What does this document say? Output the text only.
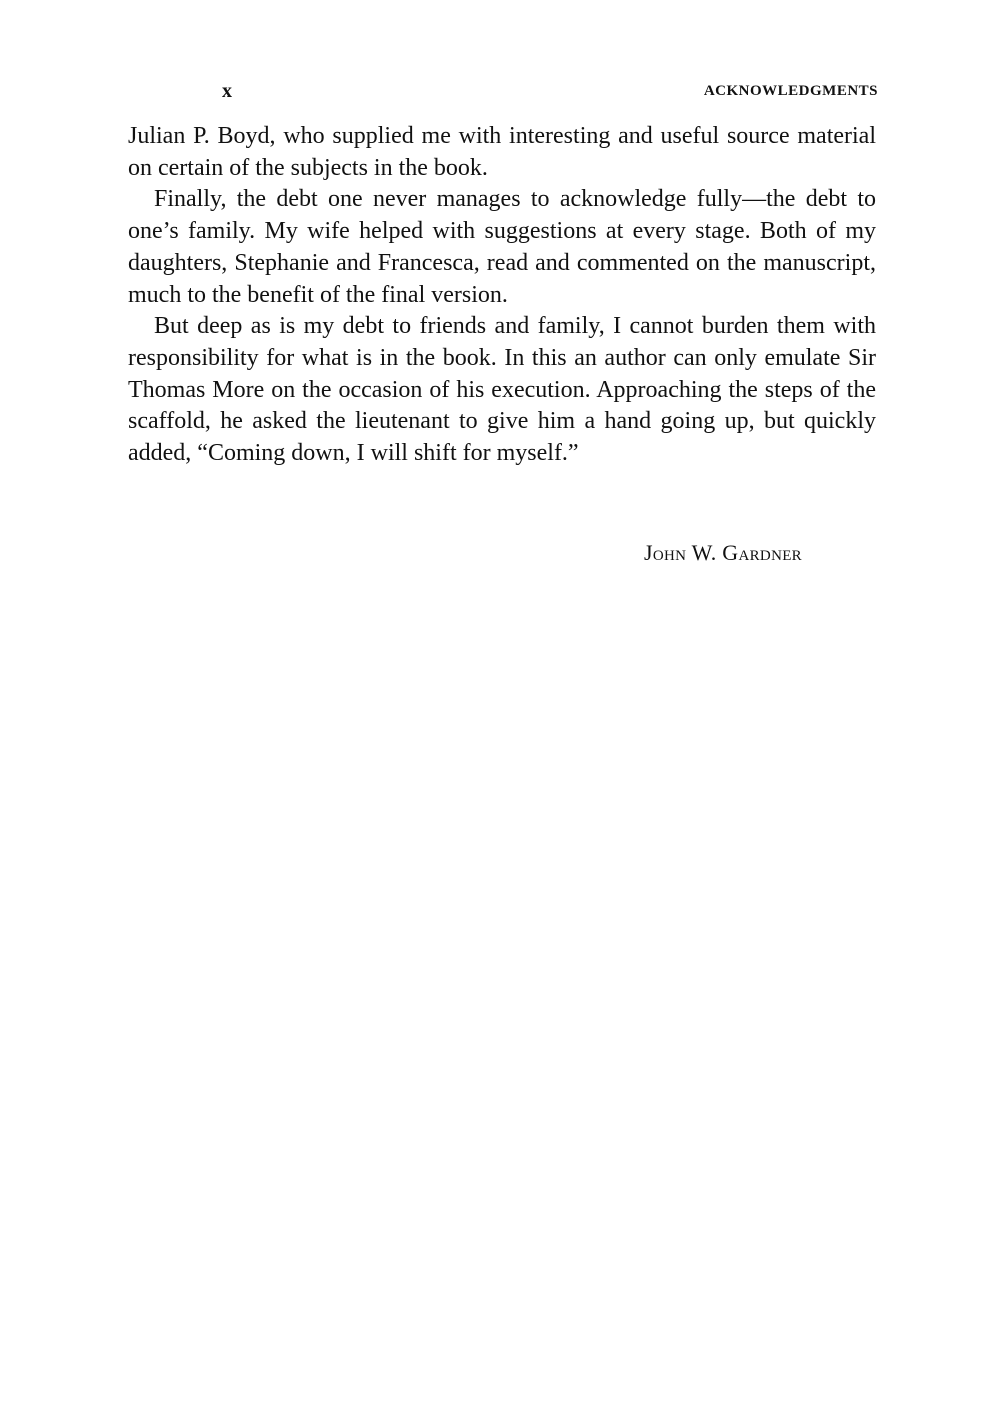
x	ACKNOWLEDGMENTS

Julian P. Boyd, who supplied me with interesting and useful source material on certain of the subjects in the book.

Finally, the debt one never manages to acknowledge fully—the debt to one’s family. My wife helped with suggestions at every stage. Both of my daughters, Stephanie and Francesca, read and commented on the manuscript, much to the benefit of the final version.

But deep as is my debt to friends and family, I cannot burden them with responsibility for what is in the book. In this an author can only emulate Sir Thomas More on the occasion of his execution. Approaching the steps of the scaffold, he asked the lieutenant to give him a hand going up, but quickly added, “Coming down, I will shift for myself.”

John W. Gardner
